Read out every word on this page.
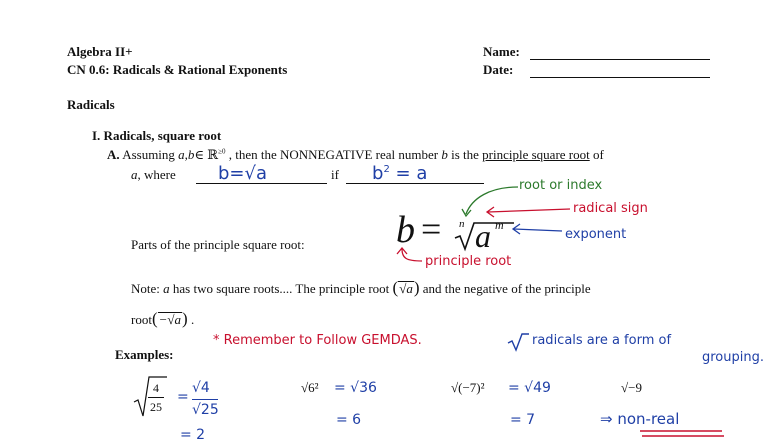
Algebra II+
CN 0.6: Radicals & Rational Exponents
Name:
Date:
Radicals
I. Radicals, square root
A. Assuming a,b∈ ℝ$^{\ge 0}$ , then the NONNEGATIVE real number b is the principle square root of
a, where b=√a	if $b^2 = a$
Parts of the principle square root: b = n a m
root or index
radical sign
exponent
principle root
Note: a has two square roots.... The principle root (√a) and the negative of the principle
root(−√a) .
Examples:
* Remember to Follow GEMDAS.	radicals are a form of
grouping.
4
25
=
√4
√25
= 2
√6² = √36
= 6
√(−7)² = √49
= 7
√−9
⇒ non-real
